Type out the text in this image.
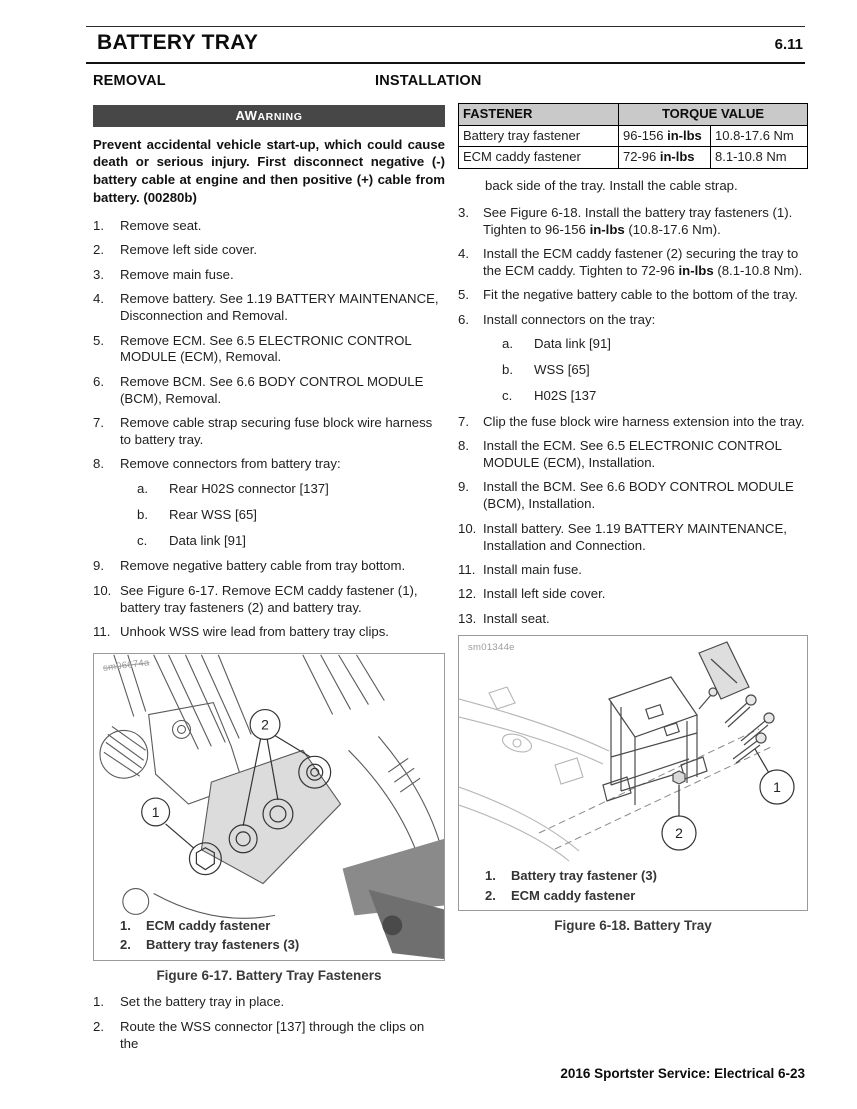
BATTERY TRAY	6.11
REMOVAL	INSTALLATION
AWARNING
Prevent accidental vehicle start-up, which could cause death or serious injury. First disconnect negative (-) battery cable at engine and then positive (+) cable from battery. (00280b)
1.	Remove seat.
2.	Remove left side cover.
3.	Remove main fuse.
4.	Remove battery. See 1.19 BATTERY MAINTENANCE, Disconnection and Removal.
5.	Remove ECM. See 6.5 ELECTRONIC CONTROL MODULE (ECM), Removal.
6.	Remove BCM. See 6.6 BODY CONTROL MODULE (BCM), Removal.
7.	Remove cable strap securing fuse block wire harness to battery tray.
8.	Remove connectors from battery tray:
a.	Rear H02S connector [137]
b.	Rear WSS [65]
c.	Data link [91]
9.	Remove negative battery cable from tray bottom.
10. See Figure 6-17. Remove ECM caddy fastener (1), battery tray fasteners (2) and battery tray.
11. Unhook WSS wire lead from battery tray clips.
2
1
sm06674a
1.	ECM caddy fastener
2.	Battery tray fasteners (3)
Figure 6-17. Battery Tray Fasteners
1.	Set the battery tray in place.
2.	Route the WSS connector [137] through the clips on the
FASTENER	TORQUE VALUE	
Battery tray fastener	96-156 in-lbs	10.8-17.6 Nm
ECM caddy fastener	72-96 in-lbs	8.1-10.8 Nm
back side of the tray. Install the cable strap.
3.	See Figure 6-18. Install the battery tray fasteners (1). Tighten to 96-156 in-lbs (10.8-17.6 Nm).
4.	Install the ECM caddy fastener (2) securing the tray to the ECM caddy. Tighten to 72-96 in-lbs (8.1-10.8 Nm).
5.	Fit the negative battery cable to the bottom of the tray.
6.	Install connectors on the tray:
a.	Data link [91]
b.	WSS [65]
c.	H02S [137
7.	Clip the fuse block wire harness extension into the tray.
8.	Install the ECM. See 6.5 ELECTRONIC CONTROL MODULE (ECM), Installation.
9.	Install the BCM. See 6.6 BODY CONTROL MODULE (BCM), Installation.
10. Install battery. See 1.19 BATTERY MAINTENANCE, Installation and Connection.
11. Install main fuse.
12. Install left side cover.
13. Install seat.
1
2
sm01344e
1.	Battery tray fastener (3)
2.	ECM caddy fastener
Figure 6-18. Battery Tray
2016 Sportster Service: Electrical 6-23
